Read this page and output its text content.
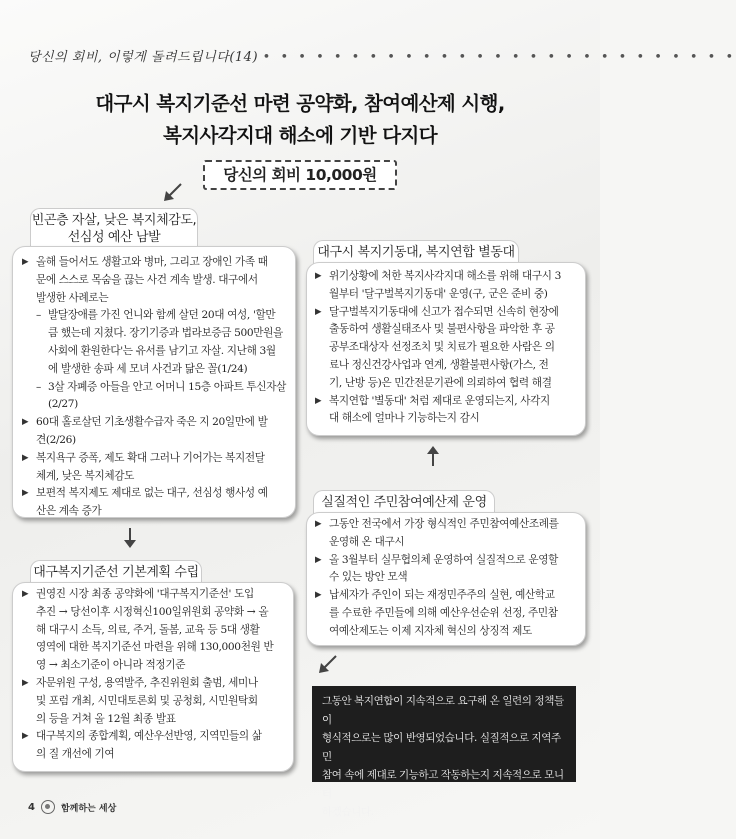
당신의 회비, 이렇게 돌려드립니다(14) • • • • • • • • • • • • • • • • • • • • • • • • • • •
대구시 복지기준선 마련 공약화, 참여예산제 시행,
복지사각지대 해소에 기반 다지다
당신의 회비 10,000원
빈곤층 자살, 낮은 복지체감도,
선심성 예산 남발
▶ 올해 들어서도 생활고와 병마, 그리고 장애인 가족 때
문에 스스로 목숨을 끊는 사건 계속 발생. 대구에서
발생한 사례로는
– 발달장애를 가진 언니와 함께 살던 20대 여성, '할만
큼 했는데 지쳤다. 장기기증과 법라보증금 500만원을
사회에 환원한다'는 유서를 남기고 자살. 지난해 3월
에 발생한 송파 세 모녀 사건과 닮은 꼴(1/24)
– 3살 자폐증 아들을 안고 어머니 15층 아파트 투신자살
(2/27)
▶ 60대 홀로살던 기초생활수급자 죽은 지 20일만에 발
견(2/26)
▶ 복지욕구 증폭, 제도 확대 그러나 기어가는 복지전달
체계, 낮은 복지체감도
▶ 보편적 복지제도 제대로 없는 대구, 선심성 행사성 예
산은 계속 증가
대구시 복지기동대, 복지연합 별동대
▶ 위기상황에 처한 복지사각지대 해소를 위해 대구시 3
월부터 '달구벌복지기동대' 운영(구, 군은 준비 중)
▶ 달구벌복지기동대에 신고가 접수되면 신속히 현장에
출동하여 생활실태조사 및 불편사항을 파악한 후 공
공부조대상자 선정조치 및 치료가 필요한 사람은 의
료나 정신건강사업과 연계, 생활불편사항(가스, 전
기, 난방 등)은 민간전문기관에 의뢰하여 협력 해결
▶ 복지연합 '별동대' 처럼 제대로 운영되는지, 사각지
대 해소에 얼마나 기능하는지 감시
대구복지기준선 기본계획 수립
▶ 권영진 시장 최종 공약화에 '대구복지기준선' 도입
추진 → 당선이후 시정혁신100일위원회 공약화 → 올
해 대구시 소득, 의료, 주거, 돌봄, 교육 등 5대 생활
영역에 대한 복지기준선 마련을 위해 130,000천원 반
영 → 최소기준이 아니라 적정기준
▶ 자문위원 구성, 용역발주, 추진위원회 출범, 세미나
및 포럼 개최, 시민대토론회 및 공청회, 시민원탁회
의 등을 거쳐 올 12월 최종 발표
▶ 대구복지의 종합계획, 예산우선반영, 지역민들의 삶
의 질 개선에 기여
실질적인 주민참여예산제 운영
▶ 그동안 전국에서 가장 형식적인 주민참여예산조례를
운영해 온 대구시
▶ 올 3월부터 실무협의체 운영하여 실질적으로 운영할
수 있는 방안 모색
▶ 납세자가 주인이 되는 재정민주주의 실현, 예산학교
를 수료한 주민들에 의해 예산우선순위 선정, 주민참
여예산제도는 이제 지자체 혁신의 상징적 제도
그동안 복지연합이 지속적으로 요구해 온 일련의 정책들이
형식적으로는 많이 반영되었습니다. 실질적으로 지역주민
참여 속에 제대로 기능하고 작동하는지 지속적으로 모니터
하겠습니다.
4	함께하는 세상
